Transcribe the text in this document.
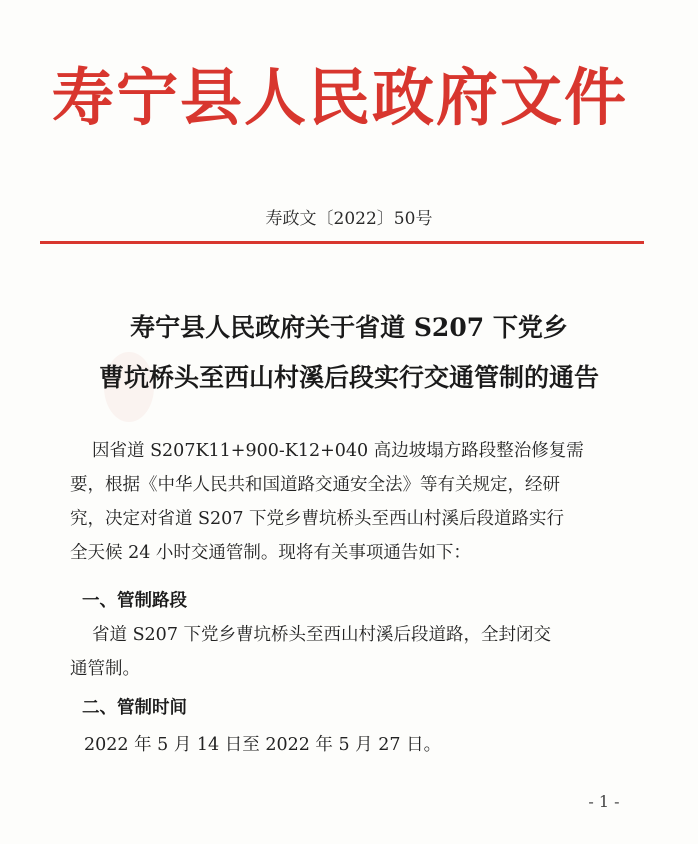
寿宁县人民政府文件
寿政文〔2022〕50号
寿宁县人民政府关于省道 S207 下党乡
曹坑桥头至西山村溪后段实行交通管制的通告
因省道 S207K11+900-K12+040 高边坡塌方路段整治修复需
要，根据《中华人民共和国道路交通安全法》等有关规定，经研
究，决定对省道 S207 下党乡曹坑桥头至西山村溪后段道路实行
全天候 24 小时交通管制。现将有关事项通告如下：
一、管制路段
省道 S207 下党乡曹坑桥头至西山村溪后段道路，全封闭交
通管制。
二、管制时间
2022 年 5 月 14 日至 2022 年 5 月 27 日。
- 1 -
